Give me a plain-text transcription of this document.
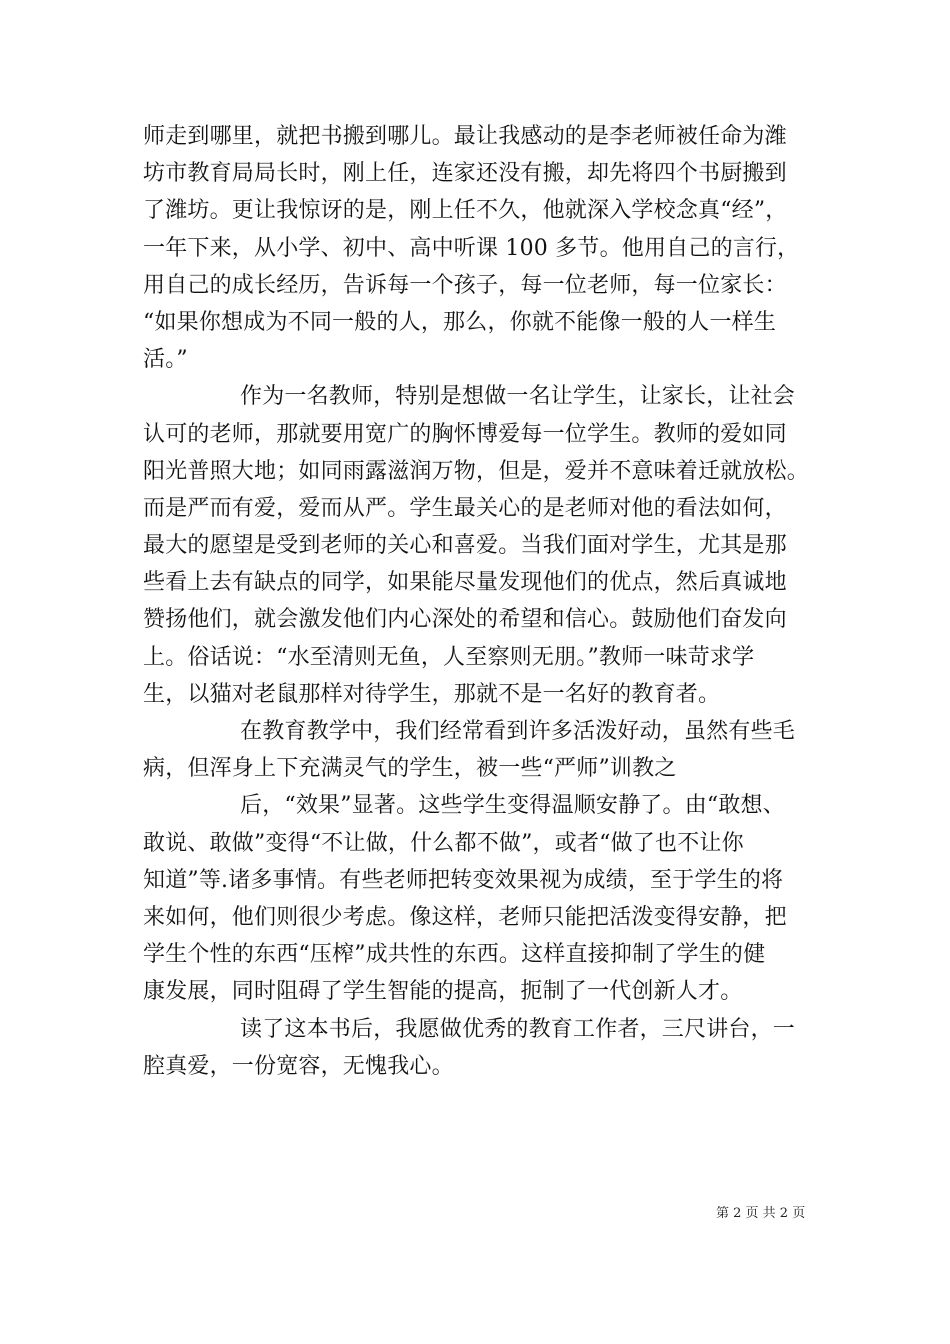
师走到哪里，就把书搬到哪儿。最让我感动的是李老师被任命为潍
坊市教育局局长时，刚上任，连家还没有搬，却先将四个书厨搬到
了潍坊。更让我惊讶的是，刚上任不久，他就深入学校念真“经”，
一年下来，从小学、初中、高中听课 100 多节。他用自己的言行，
用自己的成长经历，告诉每一个孩子，每一位老师，每一位家长：
“如果你想成为不同一般的人，那么，你就不能像一般的人一样生
活。”
作为一名教师，特别是想做一名让学生，让家长，让社会
认可的老师，那就要用宽广的胸怀博爱每一位学生。教师的爱如同
阳光普照大地；如同雨露滋润万物，但是，爱并不意味着迁就放松。
而是严而有爱，爱而从严。学生最关心的是老师对他的看法如何，
最大的愿望是受到老师的关心和喜爱。当我们面对学生，尤其是那
些看上去有缺点的同学，如果能尽量发现他们的优点，然后真诚地
赞扬他们，就会激发他们内心深处的希望和信心。鼓励他们奋发向
上。俗话说：“水至清则无鱼，人至察则无朋。”教师一味苛求学
生，以猫对老鼠那样对待学生，那就不是一名好的教育者。
在教育教学中，我们经常看到许多活泼好动，虽然有些毛
病，但浑身上下充满灵气的学生，被一些“严师”训教之
后，“效果”显著。这些学生变得温顺安静了。由“敢想、
敢说、敢做”变得“不让做，什么都不做”，或者“做了也不让你
知道”等.诸多事情。有些老师把转变效果视为成绩，至于学生的将
来如何，他们则很少考虑。像这样，老师只能把活泼变得安静，把
学生个性的东西“压榨”成共性的东西。这样直接抑制了学生的健
康发展，同时阻碍了学生智能的提高，扼制了一代创新人才。
读了这本书后，我愿做优秀的教育工作者，三尺讲台，一
腔真爱，一份宽容，无愧我心。
第 2 页 共 2 页
